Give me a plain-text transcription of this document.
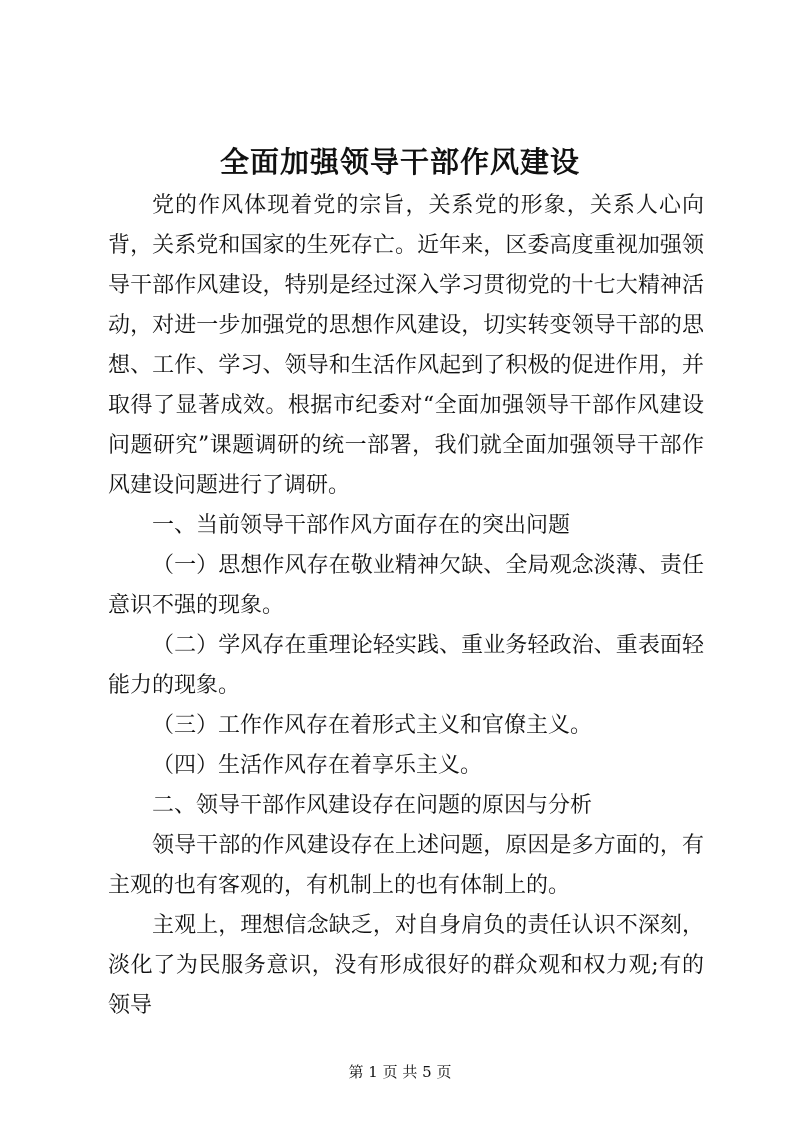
全面加强领导干部作风建设

党的作风体现着党的宗旨，关系党的形象，关系人心向背，关系党和国家的生死存亡。近年来，区委高度重视加强领导干部作风建设，特别是经过深入学习贯彻党的十七大精神活动，对进一步加强党的思想作风建设，切实转变领导干部的思想、工作、学习、领导和生活作风起到了积极的促进作用，并取得了显著成效。根据市纪委对“全面加强领导干部作风建设问题研究”课题调研的统一部署，我们就全面加强领导干部作风建设问题进行了调研。

一、当前领导干部作风方面存在的突出问题

（一）思想作风存在敬业精神欠缺、全局观念淡薄、责任意识不强的现象。

（二）学风存在重理论轻实践、重业务轻政治、重表面轻能力的现象。

（三）工作作风存在着形式主义和官僚主义。

（四）生活作风存在着享乐主义。

二、领导干部作风建设存在问题的原因与分析

领导干部的作风建设存在上述问题，原因是多方面的，有主观的也有客观的，有机制上的也有体制上的。

主观上，理想信念缺乏，对自身肩负的责任认识不深刻，淡化了为民服务意识，没有形成很好的群众观和权力观;有的领导

第 1 页 共 5 页
